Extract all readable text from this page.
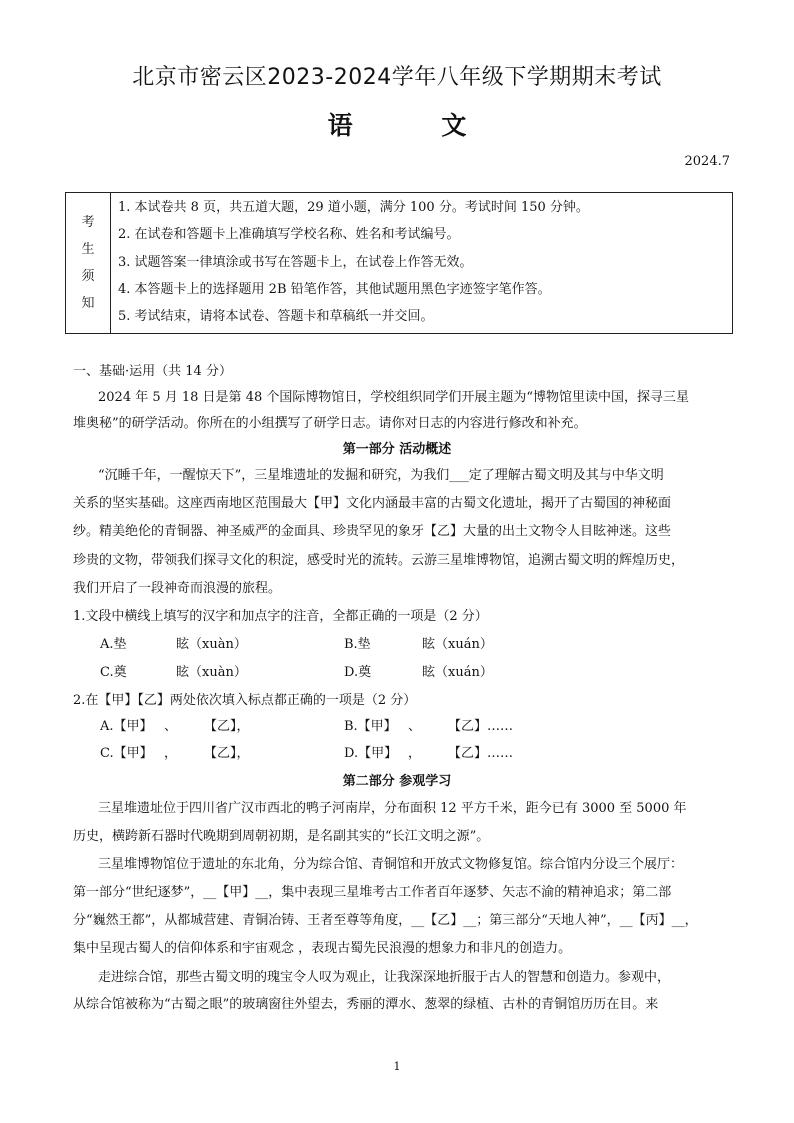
北京市密云区2023-2024学年八年级下学期期末考试
语 文
2024.7
考
生
须
知
1. 本试卷共 8 页，共五道大题，29 道小题，满分 100 分。考试时间 150 分钟。
2. 在试卷和答题卡上准确填写学校名称、姓名和考试编号。
3. 试题答案一律填涂或书写在答题卡上，在试卷上作答无效。
4. 本答题卡上的选择题用 2B 铅笔作答，其他试题用黑色字迹签字笔作答。
5. 考试结束，请将本试卷、答题卡和草稿纸一并交回。
一、基础·运用（共 14 分）
2024 年 5 月 18 日是第 48 个国际博物馆日，学校组织同学们开展主题为“博物馆里读中国，探寻三星
堆奥秘”的研学活动。你所在的小组撰写了研学日志。请你对日志的内容进行修改和补充。
第一部分 活动概述
“沉睡千年，一醒惊天下”，三星堆遗址的发掘和研究，为我们___定了理解古蜀文明及其与中华文明
关系的坚实基础。这座西南地区范围最大【甲】文化内涵最丰富的古蜀文化遗址，揭开了古蜀国的神秘面
纱。精美绝伦的青铜器、神圣威严的金面具、珍贵罕见的象牙【乙】大量的出土文物令人目眩神迷。这些
珍贵的文物，带领我们探寻文化的积淀，感受时光的流转。云游三星堆博物馆，追溯古蜀文明的辉煌历史，
我们开启了一段神奇而浪漫的旅程。
1.文段中横线上填写的汉字和加点字的注音，全都正确的一项是（2 分）
A.垫	眩（xuàn）	B.垫	眩（xuán）
C.奠	眩（xuàn）	D.奠	眩（xuán）
2.在【甲】【乙】两处依次填入标点都正确的一项是（2 分）
A.【甲】 、 【乙】，	B.【甲】 、 【乙】……
C.【甲】 ， 【乙】，	D.【甲】 ， 【乙】……
第二部分 参观学习
三星堆遗址位于四川省广汉市西北的鸭子河南岸，分布面积 12 平方千米，距今已有 3000 至 5000 年
历史，横跨新石器时代晚期到周朝初期，是名副其实的“长江文明之源”。
三星堆博物馆位于遗址的东北角，分为综合馆、青铜馆和开放式文物修复馆。综合馆内分设三个展厅：
第一部分“世纪逐梦”，__【甲】__，集中表现三星堆考古工作者百年逐梦、矢志不渝的精神追求；第二部
分“巍然王都”，从都城营建、青铜冶铸、王者至尊等角度，__【乙】__；第三部分“天地人神”，__【丙】__，
集中呈现古蜀人的信仰体系和宇宙观念 ，表现古蜀先民浪漫的想象力和非凡的创造力。
走进综合馆，那些古蜀文明的瑰宝令人叹为观止，让我深深地折服于古人的智慧和创造力。参观中，
从综合馆被称为“古蜀之眼”的玻璃窗往外望去，秀丽的潭水、葱翠的绿植、古朴的青铜馆历历在目。来
1
